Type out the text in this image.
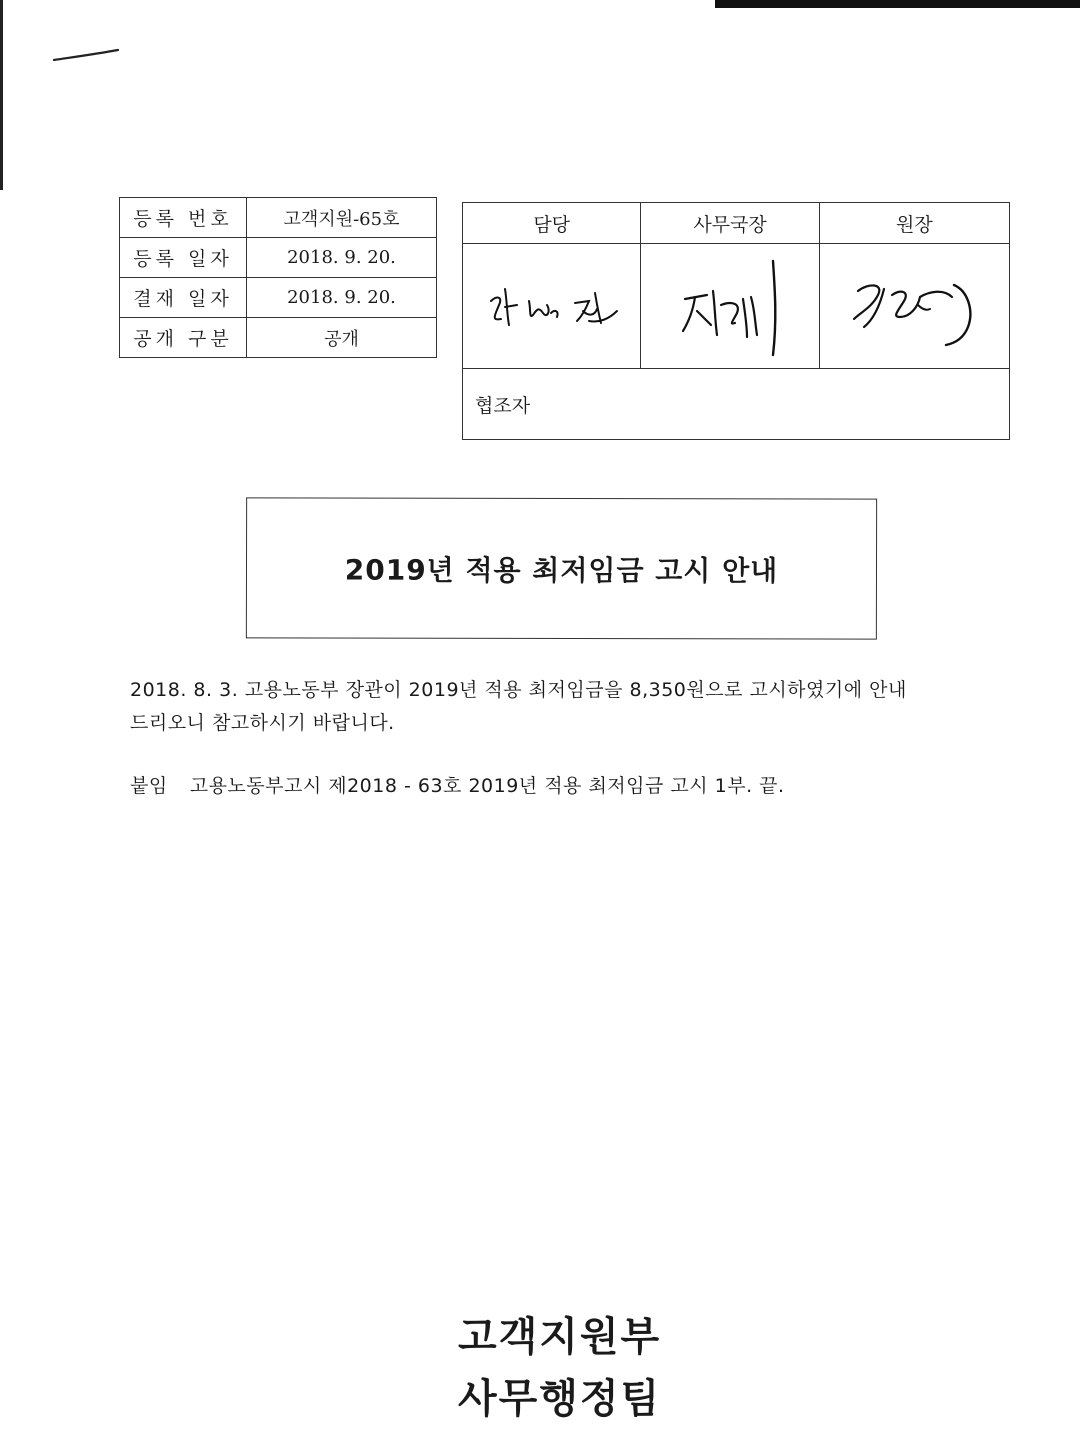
등록 번호	고객지원-65호
등록 일자	2018. 9. 20.
결재 일자	2018. 9. 20.
공개 구분	공개
담당	사무국장	원장

협조자		
2019년 적용 최저임금 고시 안내

2018. 8. 3. 고용노동부 장관이 2019년 적용 최저임금을 8,350원으로 고시하였기에 안내

드리오니 참고하시기 바랍니다.

붙임 고용노동부고시 제2018 - 63호 2019년 적용 최저임금 고시 1부. 끝.
고객지원부
사무행정팀
